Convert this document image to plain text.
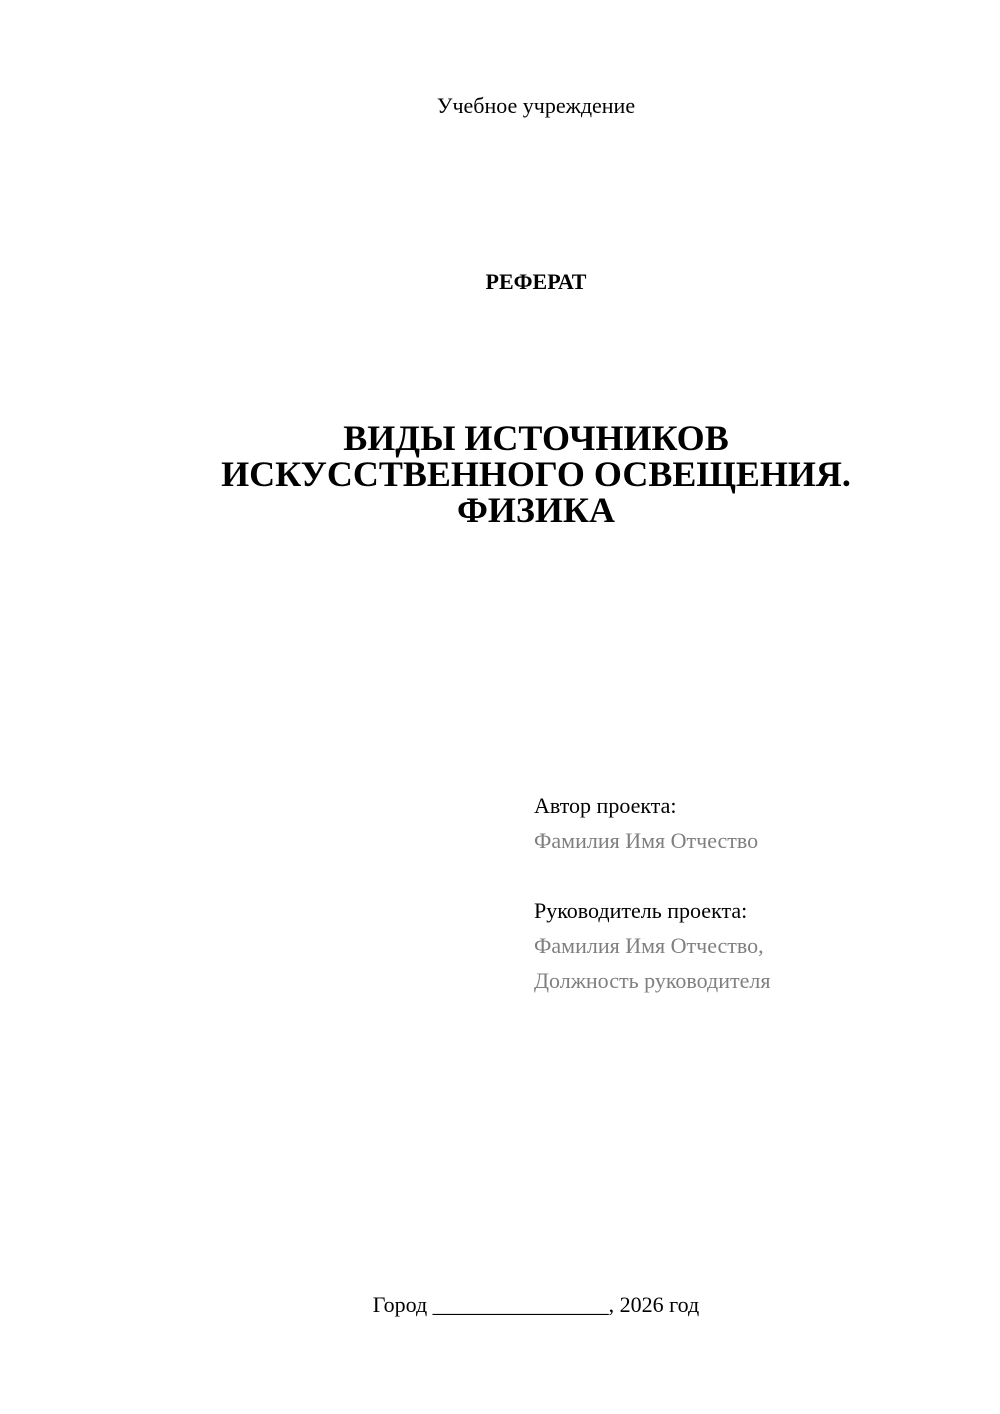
Учебное учреждение
РЕФЕРАТ
ВИДЫ ИСТОЧНИКОВ
ИСКУССТВЕННОГО ОСВЕЩЕНИЯ.
ФИЗИКА
Автор проекта:
Фамилия Имя Отчество
Руководитель проекта:
Фамилия Имя Отчество,
Должность руководителя
Город ________________, 2026 год
